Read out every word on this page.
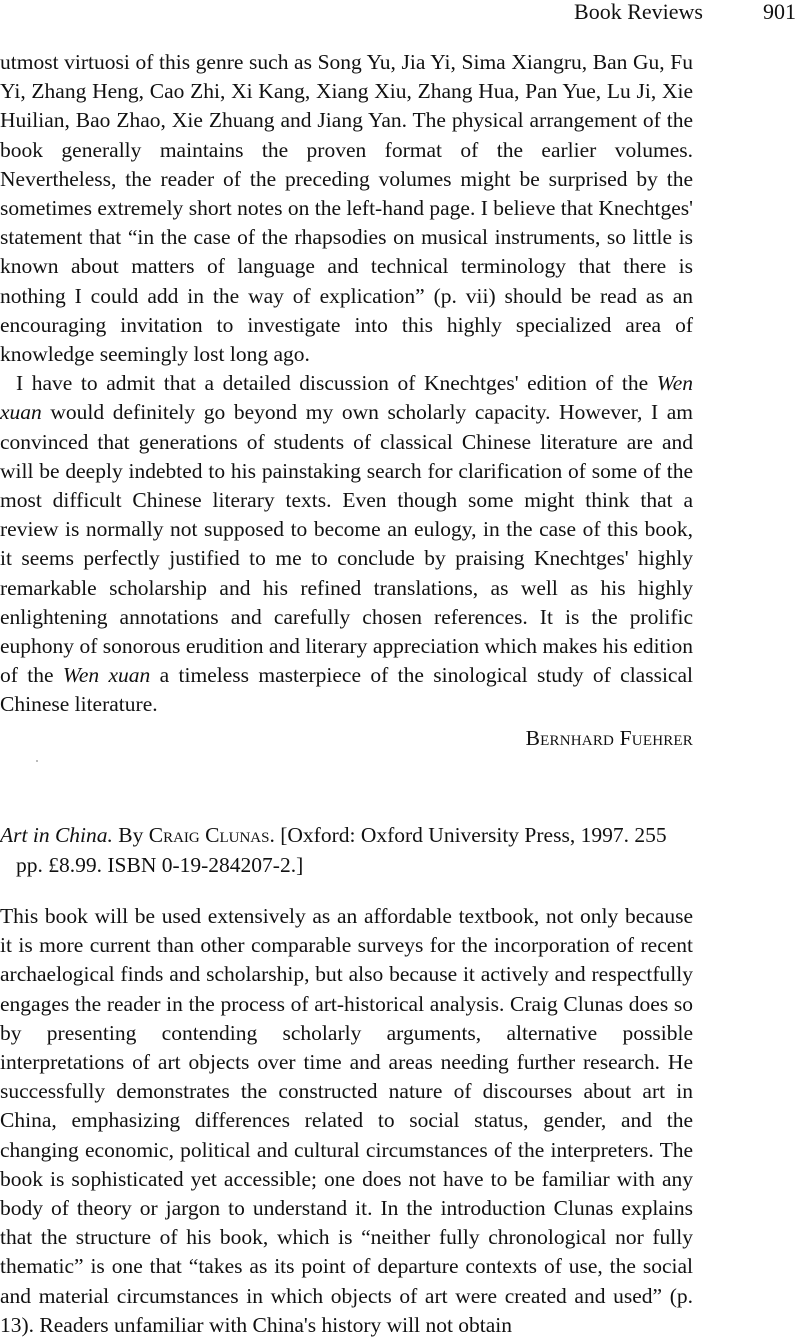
Book Reviews	901

utmost virtuosi of this genre such as Song Yu, Jia Yi, Sima Xiangru, Ban Gu, Fu Yi, Zhang Heng, Cao Zhi, Xi Kang, Xiang Xiu, Zhang Hua, Pan Yue, Lu Ji, Xie Huilian, Bao Zhao, Xie Zhuang and Jiang Yan. The physical arrangement of the book generally maintains the proven format of the earlier volumes. Nevertheless, the reader of the preceding volumes might be surprised by the sometimes extremely short notes on the left-hand page. I believe that Knechtges' statement that “in the case of the rhapsodies on musical instruments, so little is known about matters of language and technical terminology that there is nothing I could add in the way of explication” (p. vii) should be read as an encouraging invitation to investigate into this highly specialized area of knowledge seemingly lost long ago.

I have to admit that a detailed discussion of Knechtges' edition of the Wen xuan would definitely go beyond my own scholarly capacity. However, I am convinced that generations of students of classical Chinese literature are and will be deeply indebted to his painstaking search for clarification of some of the most difficult Chinese literary texts. Even though some might think that a review is normally not supposed to become an eulogy, in the case of this book, it seems perfectly justified to me to conclude by praising Knechtges' highly remarkable scholarship and his refined translations, as well as his highly enlightening annotations and carefully chosen references. It is the prolific euphony of sonorous erudition and literary appreciation which makes his edition of the Wen xuan a timeless masterpiece of the sinological study of classical Chinese literature.

Bernhard Fuehrer
Art in China. By Craig Clunas. [Oxford: Oxford University Press, 1997. 255 pp. £8.99. ISBN 0-19-284207-2.]

This book will be used extensively as an affordable textbook, not only because it is more current than other comparable surveys for the incorporation of recent archaelogical finds and scholarship, but also because it actively and respectfully engages the reader in the process of art-historical analysis. Craig Clunas does so by presenting contending scholarly arguments, alternative possible interpretations of art objects over time and areas needing further research. He successfully demonstrates the constructed nature of discourses about art in China, emphasizing differences related to social status, gender, and the changing economic, political and cultural circumstances of the interpreters. The book is sophisticated yet accessible; one does not have to be familiar with any body of theory or jargon to understand it. In the introduction Clunas explains that the structure of his book, which is “neither fully chronological nor fully thematic” is one that “takes as its point of departure contexts of use, the social and material circumstances in which objects of art were created and used” (p. 13). Readers unfamiliar with China's history will not obtain
